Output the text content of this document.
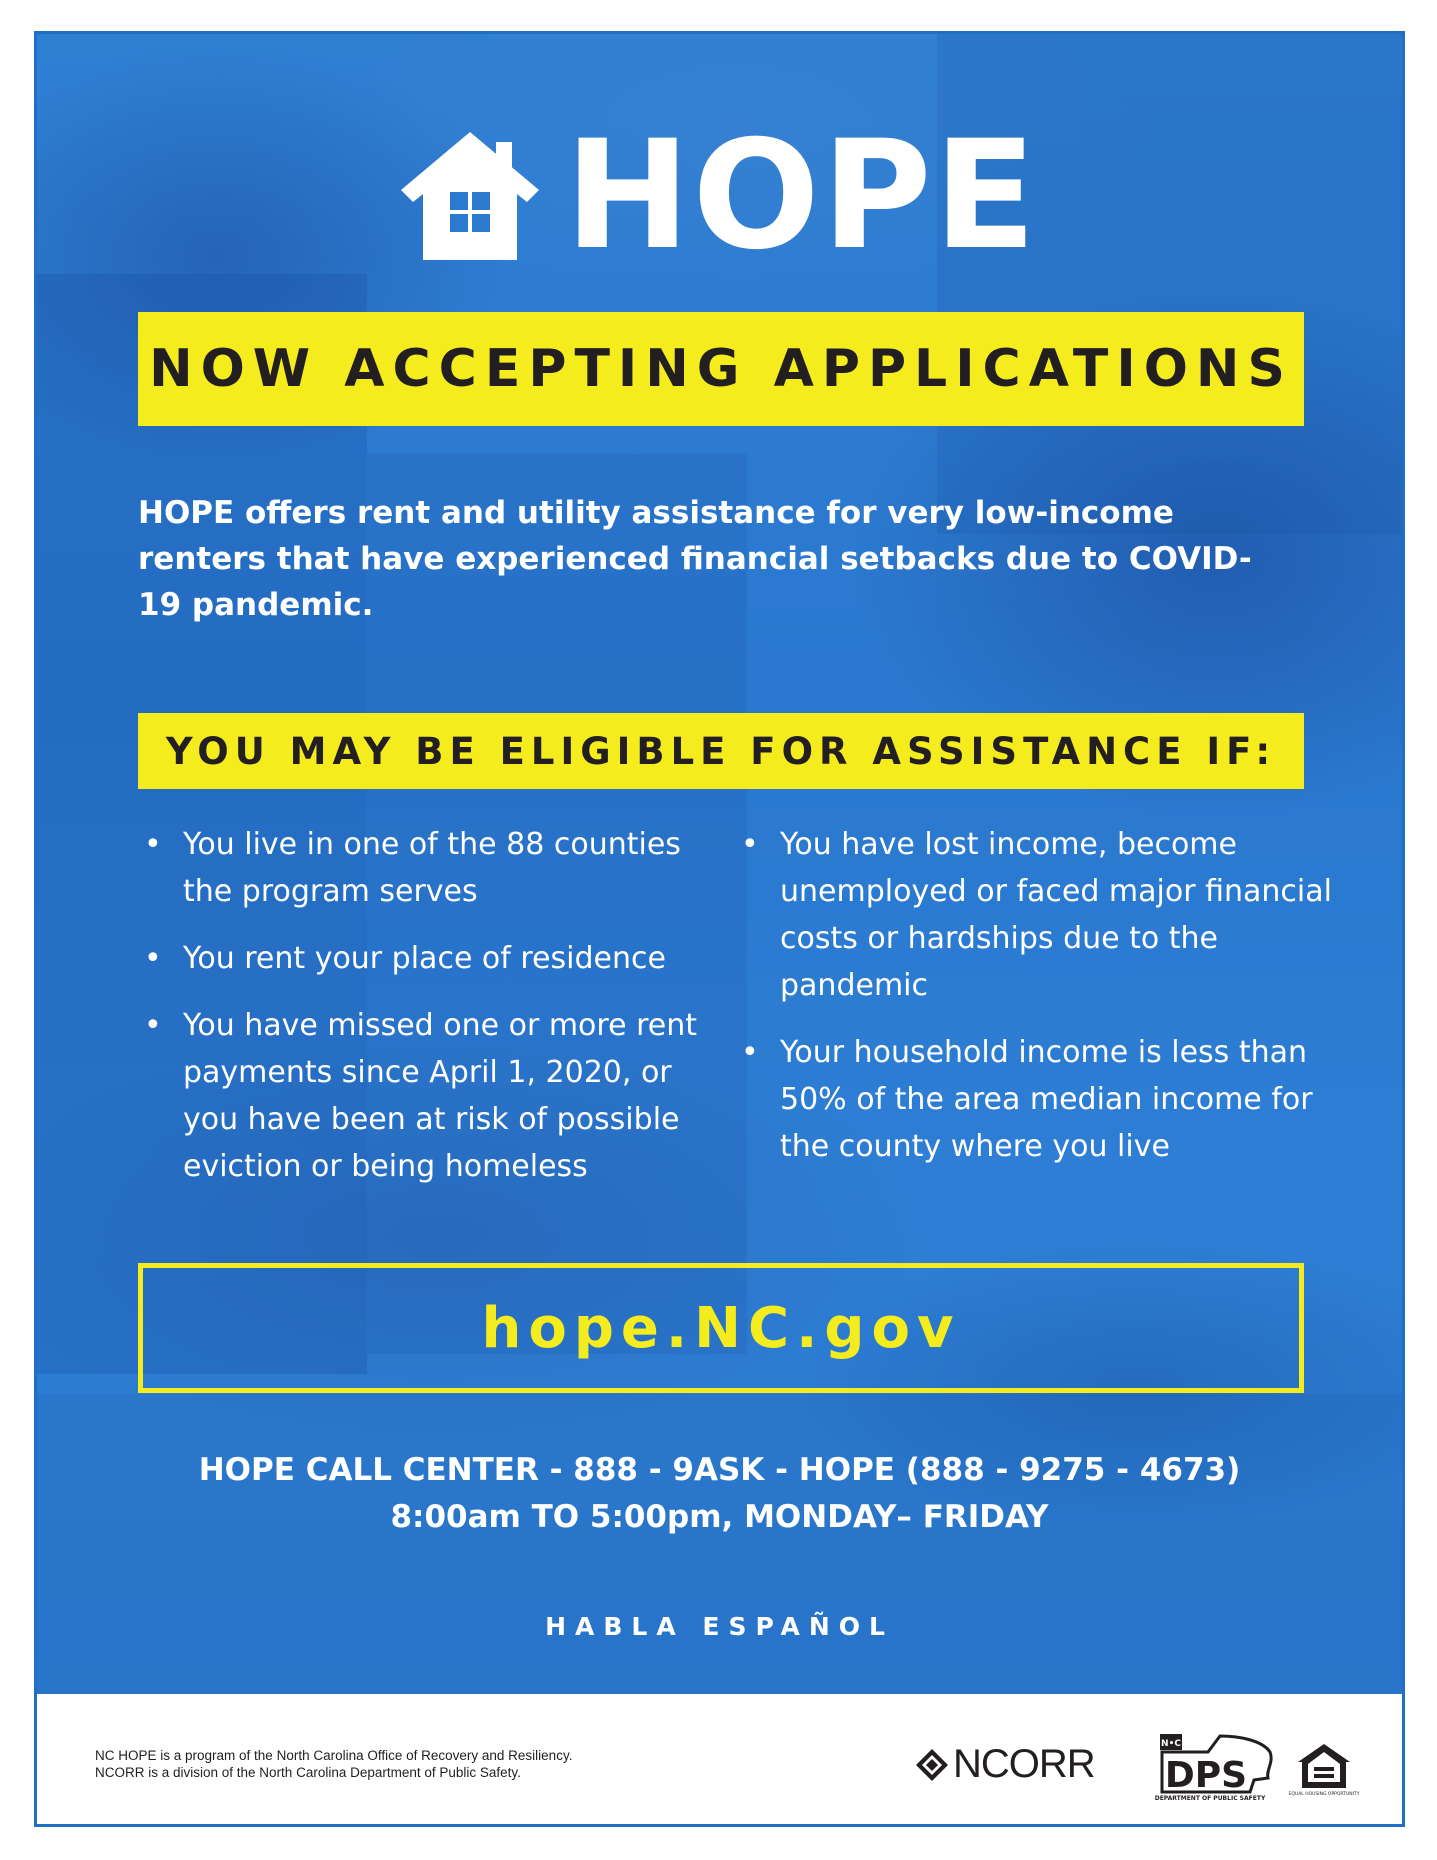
HOPE
NOW ACCEPTING APPLICATIONS

HOPE offers rent and utility assistance for very low-income renters that have experienced financial setbacks due to COVID-19 pandemic.

YOU MAY BE ELIGIBLE FOR ASSISTANCE IF:
• You live in one of the 88 counties the program serves
• You rent your place of residence
• You have missed one or more rent payments since April 1, 2020, or you have been at risk of possible eviction or being homeless
• You have lost income, become unemployed or faced major financial costs or hardships due to the pandemic
• Your household income is less than 50% of the area median income for the county where you live
hope.NC.gov
HOPE CALL CENTER - 888 - 9ASK - HOPE (888 - 9275 - 4673)
8:00am TO 5:00pm, MONDAY– FRIDAY
HABLA ESPAÑOL
NC HOPE is a program of the North Carolina Office of Recovery and Resiliency.
NCORR is a division of the North Carolina Department of Public Safety.	NCORR	N•C
DPS
DEPARTMENT OF PUBLIC SAFETY
EQUAL HOUSING OPPORTUNITY
